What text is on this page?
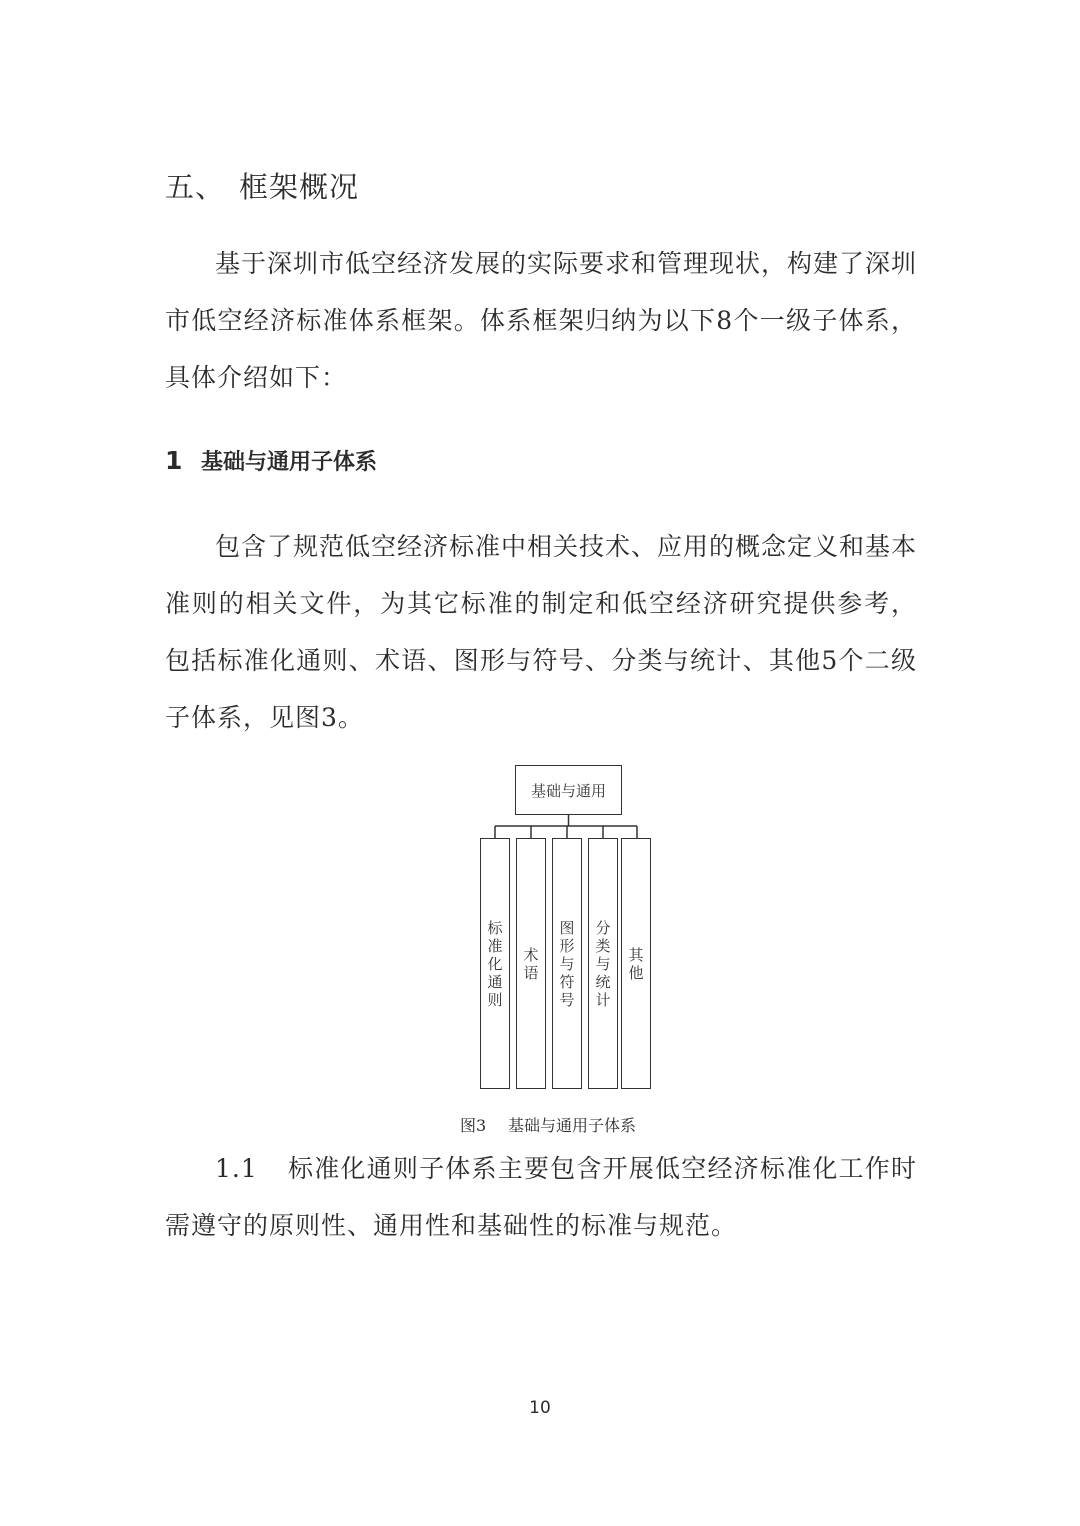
五、 框架概况
基于深圳市低空经济发展的实际要求和管理现状，构建了深圳市低空经济标准体系框架。体系框架归纳为以下8个一级子体系，具体介绍如下：
1 基础与通用子体系
包含了规范低空经济标准中相关技术、应用的概念定义和基本准则的相关文件，为其它标准的制定和低空经济研究提供参考，包括标准化通则、术语、图形与符号、分类与统计、其他5个二级子体系，见图3。
基础与通用
标准化通则
术语
图形与符号
分类与统计
其他
图3 基础与通用子体系
1.1 标准化通则子体系主要包含开展低空经济标准化工作时需遵守的原则性、通用性和基础性的标准与规范。
10
